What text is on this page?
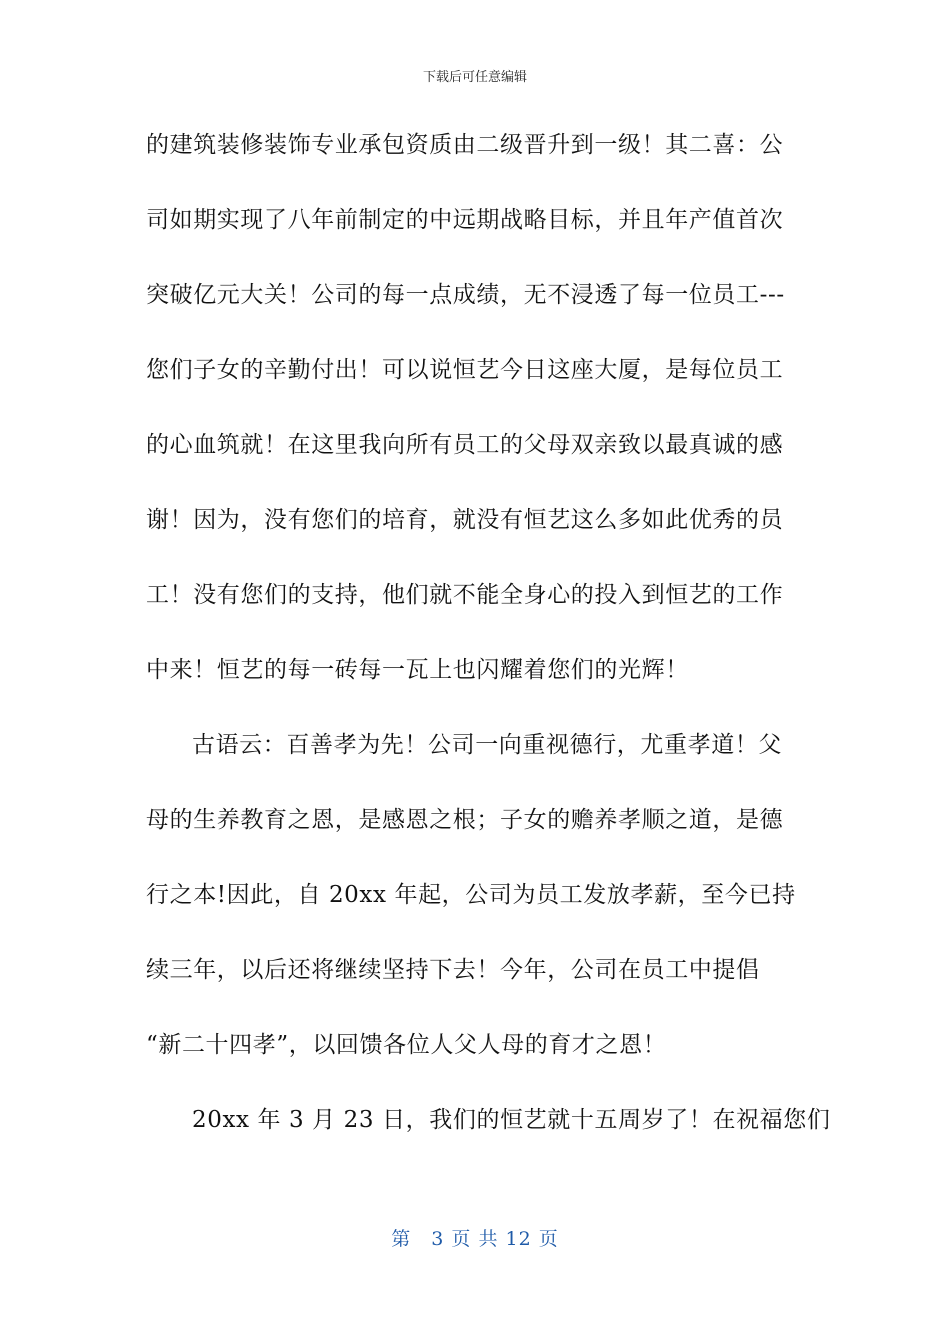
下载后可任意编辑
的建筑装修装饰专业承包资质由二级晋升到一级！其二喜：公
司如期实现了八年前制定的中远期战略目标，并且年产值首次
突破亿元大关！公司的每一点成绩，无不浸透了每一位员工---
您们子女的辛勤付出！可以说恒艺今日这座大厦，是每位员工
的心血筑就！在这里我向所有员工的父母双亲致以最真诚的感
谢！因为，没有您们的培育，就没有恒艺这么多如此优秀的员
工！没有您们的支持，他们就不能全身心的投入到恒艺的工作
中来！恒艺的每一砖每一瓦上也闪耀着您们的光辉！
古语云：百善孝为先！公司一向重视德行，尤重孝道！父
母的生养教育之恩，是感恩之根；子女的赡养孝顺之道，是德
行之本!因此，自 20xx 年起，公司为员工发放孝薪，至今已持
续三年，以后还将继续坚持下去！今年，公司在员工中提倡
“新二十四孝”，以回馈各位人父人母的育才之恩！
20xx 年 3 月 23 日，我们的恒艺就十五周岁了！在祝福您们
第　3 页 共 12 页
